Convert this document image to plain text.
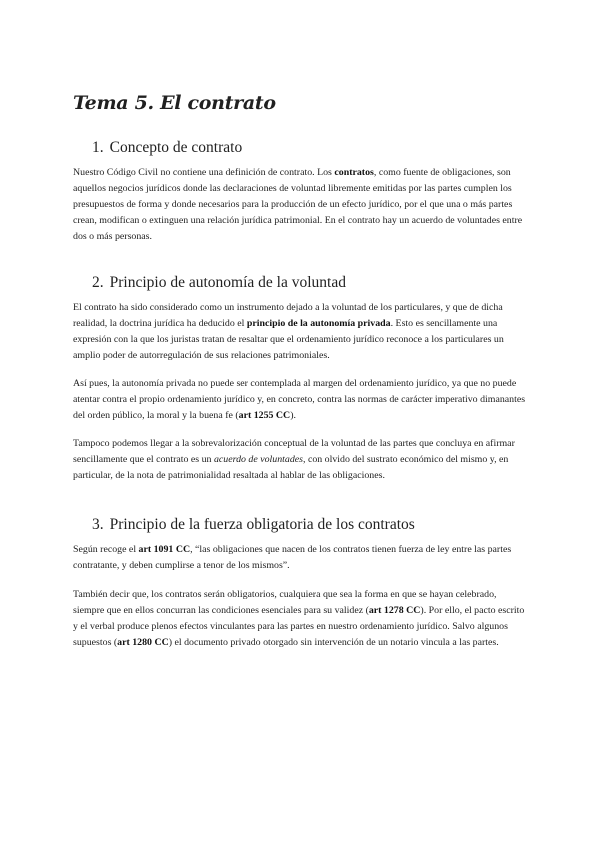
Tema 5. El contrato
1. Concepto de contrato

Nuestro Código Civil no contiene una definición de contrato. Los contratos, como fuente de obligaciones, son aquellos negocios jurídicos donde las declaraciones de voluntad libremente emitidas por las partes cumplen los presupuestos de forma y donde necesarios para la producción de un efecto jurídico, por el que una o más partes crean, modifican o extinguen una relación jurídica patrimonial. En el contrato hay un acuerdo de voluntades entre dos o más personas.

2. Principio de autonomía de la voluntad

El contrato ha sido considerado como un instrumento dejado a la voluntad de los particulares, y que de dicha realidad, la doctrina jurídica ha deducido el principio de la autonomía privada. Esto es sencillamente una expresión con la que los juristas tratan de resaltar que el ordenamiento jurídico reconoce a los particulares un amplio poder de autorregulación de sus relaciones patrimoniales.

Así pues, la autonomía privada no puede ser contemplada al margen del ordenamiento jurídico, ya que no puede atentar contra el propio ordenamiento jurídico y, en concreto, contra las normas de carácter imperativo dimanantes del orden público, la moral y la buena fe (art 1255 CC).

Tampoco podemos llegar a la sobrevalorización conceptual de la voluntad de las partes que concluya en afirmar sencillamente que el contrato es un acuerdo de voluntades, con olvido del sustrato económico del mismo y, en particular, de la nota de patrimonialidad resaltada al hablar de las obligaciones.

3. Principio de la fuerza obligatoria de los contratos

Según recoge el art 1091 CC, “las obligaciones que nacen de los contratos tienen fuerza de ley entre las partes contratante, y deben cumplirse a tenor de los mismos”.

También decir que, los contratos serán obligatorios, cualquiera que sea la forma en que se hayan celebrado, siempre que en ellos concurran las condiciones esenciales para su validez (art 1278 CC). Por ello, el pacto escrito y el verbal produce plenos efectos vinculantes para las partes en nuestro ordenamiento jurídico. Salvo algunos supuestos (art 1280 CC) el documento privado otorgado sin intervención de un notario vincula a las partes.
